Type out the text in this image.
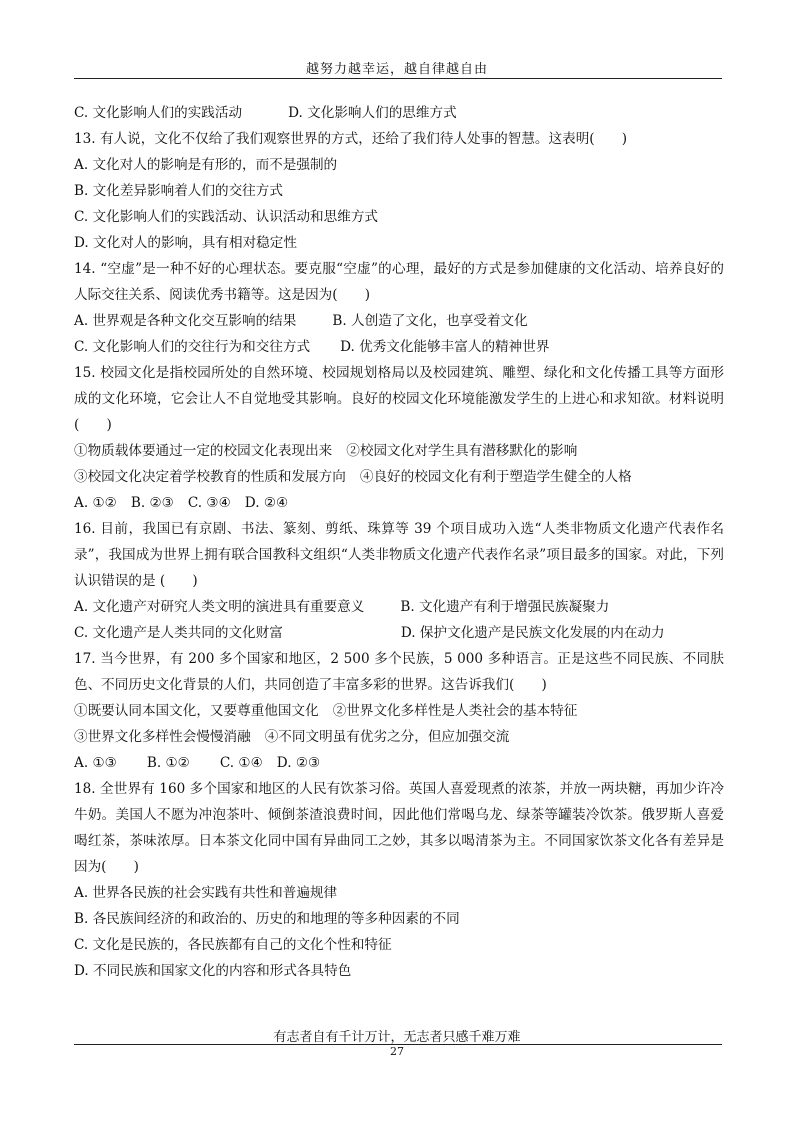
越努力越幸运，越自律越自由
C. 文化影响人们的实践活动	D. 文化影响人们的思维方式
13. 有人说，文化不仅给了我们观察世界的方式，还给了我们待人处事的智慧。这表明(　　)
A. 文化对人的影响是有形的，而不是强制的
B. 文化差异影响着人们的交往方式
C. 文化影响人们的实践活动、认识活动和思维方式
D. 文化对人的影响，具有相对稳定性
14. “空虚”是一种不好的心理状态。要克服“空虚”的心理，最好的方式是参加健康的文化活动、培养良好的人际交往关系、阅读优秀书籍等。这是因为(　　)
A. 世界观是各种文化交互影响的结果	B. 人创造了文化，也享受着文化
C. 文化影响人们的交往行为和交往方式 D. 优秀文化能够丰富人的精神世界
15. 校园文化是指校园所处的自然环境、校园规划格局以及校园建筑、雕塑、绿化和文化传播工具等方面形成的文化环境，它会让人不自觉地受其影响。良好的校园文化环境能激发学生的上进心和求知欲。材料说明(　　)
①物质载体要通过一定的校园文化表现出来 ②校园文化对学生具有潜移默化的影响
③校园文化决定着学校教育的性质和发展方向 ④良好的校园文化有利于塑造学生健全的人格
A. ①② B. ②③ C. ③④ D. ②④
16. 目前，我国已有京剧、书法、篆刻、剪纸、珠算等 39 个项目成功入选“人类非物质文化遗产代表作名录”，我国成为世界上拥有联合国教科文组织“人类非物质文化遗产代表作名录”项目最多的国家。对此，下列认识错误的是 (　　)
A. 文化遗产对研究人类文明的演进具有重要意义	B. 文化遗产有利于增强民族凝聚力
C. 文化遗产是人类共同的文化财富	D. 保护文化遗产是民族文化发展的内在动力
17. 当今世界，有 200 多个国家和地区，2 500 多个民族，5 000 多种语言。正是这些不同民族、不同肤色、不同历史文化背景的人们，共同创造了丰富多彩的世界。这告诉我们(　　)
①既要认同本国文化，又要尊重他国文化 ②世界文化多样性是人类社会的基本特征
③世界文化多样性会慢慢消融 ④不同文明虽有优劣之分，但应加强交流
A. ①③ B. ①② C. ①④ D. ②③
18. 全世界有 160 多个国家和地区的人民有饮茶习俗。英国人喜爱现煮的浓茶，并放一两块糖，再加少许冷牛奶。美国人不愿为冲泡茶叶、倾倒茶渣浪费时间，因此他们常喝乌龙、绿茶等罐装冷饮茶。俄罗斯人喜爱喝红茶，茶味浓厚。日本茶文化同中国有异曲同工之妙，其多以喝清茶为主。不同国家饮茶文化各有差异是因为(　　)
A. 世界各民族的社会实践有共性和普遍规律
B. 各民族间经济的和政治的、历史的和地理的等多种因素的不同
C. 文化是民族的，各民族都有自己的文化个性和特征
D. 不同民族和国家文化的内容和形式各具特色
有志者自有千计万计，无志者只感千难万难
27
